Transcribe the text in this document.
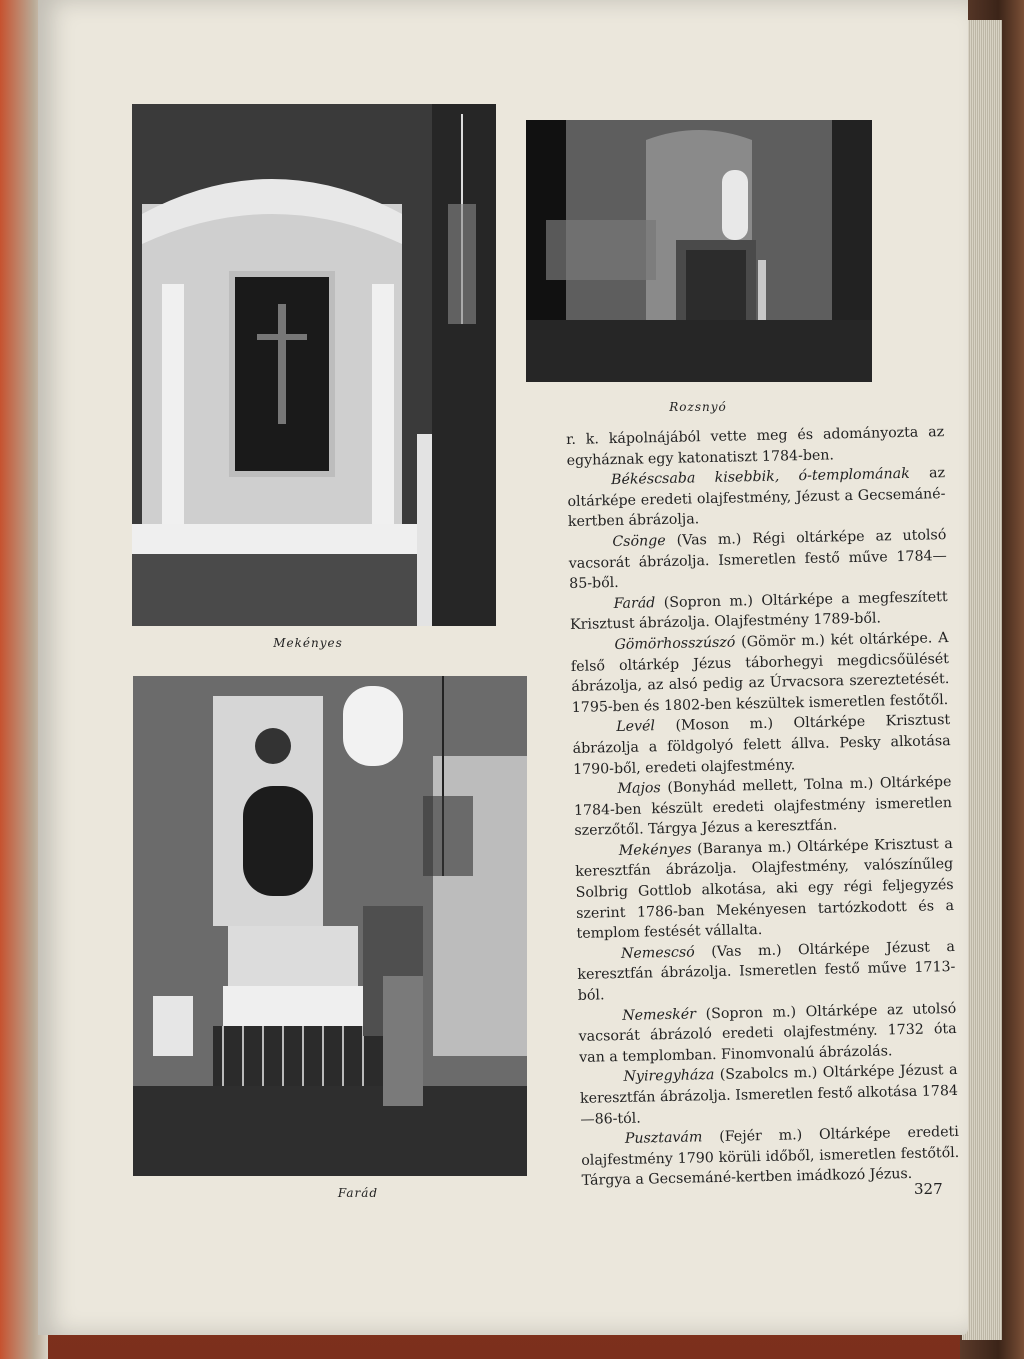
Mekényes
Rozsnyó
Farád

r. k. kápolnájából vette meg és adományozta az egyháznak egy katonatiszt 1784-ben.

Békéscsaba kisebbik, ó-templomának az oltárképe eredeti olajfestmény, Jézust a Gecsemáné-kertben ábrázolja.

Csönge (Vas m.) Régi oltárképe az utolsó vacsorát ábrázolja. Ismeretlen festő műve 1784—85-ből.

Farád (Sopron m.) Oltárképe a megfeszített Krisztust ábrázolja. Olajfestmény 1789-ből.

Gömörhosszúszó (Gömör m.) két oltárképe. A felső oltárkép Jézus táborhegyi megdicsőülését ábrázolja, az alsó pedig az Úrvacsora szereztetését. 1795-ben és 1802-ben készültek ismeretlen festőtől.

Levél (Moson m.) Oltárképe Krisztust ábrázolja a földgolyó felett állva. Pesky alkotása 1790-ből, eredeti olajfestmény.

Majos (Bonyhád mellett, Tolna m.) Oltárképe 1784-ben készült eredeti olajfestmény ismeretlen szerzőtől. Tárgya Jézus a keresztfán.

Mekényes (Baranya m.) Oltárképe Krisztust a keresztfán ábrázolja. Olajfestmény, valószínűleg Solbrig Gottlob alkotása, aki egy régi feljegyzés szerint 1786-ban Mekényesen tartózkodott és a templom festését vállalta.

Nemescsó (Vas m.) Oltárképe Jézust a keresztfán ábrázolja. Ismeretlen festő műve 1713-ból.

Nemeskér (Sopron m.) Oltárképe az utolsó vacsorát ábrázoló eredeti olajfestmény. 1732 óta van a templomban. Finomvonalú ábrázolás.

Nyiregyháza (Szabolcs m.) Oltárképe Jézust a keresztfán ábrázolja. Ismeretlen festő alkotása 1784—86-tól.

Pusztavám (Fejér m.) Oltárképe eredeti olajfestmény 1790 körüli időből, ismeretlen festőtől. Tárgya a Gecsemáné-kertben imádkozó Jézus. 327
